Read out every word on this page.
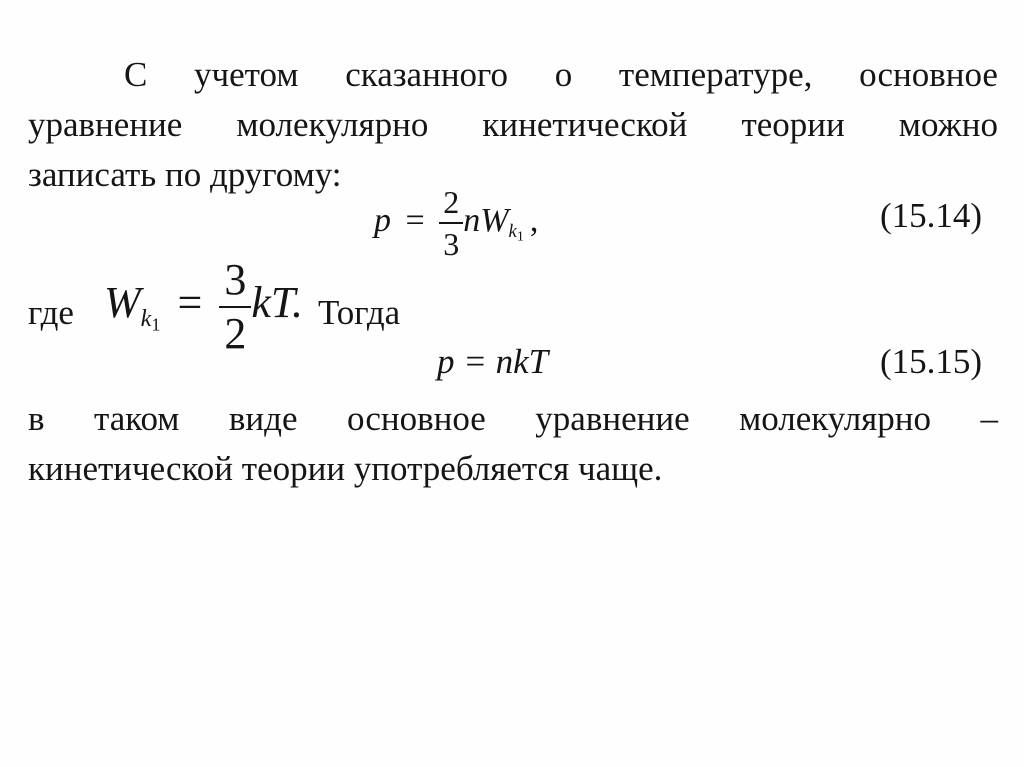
С учетом сказанного о температуре, основное
уравнение молекулярно кинетической теории можно
записать по другому:
$p = \frac{2}{3} nW_{k_1}$ ,	(15.14)
где $W_{k_1} = \frac{3}{2}$ kT. Тогда
p = nkT	(15.15)
в таком виде основное уравнение молекулярно –
кинетической теории употребляется чаще.
